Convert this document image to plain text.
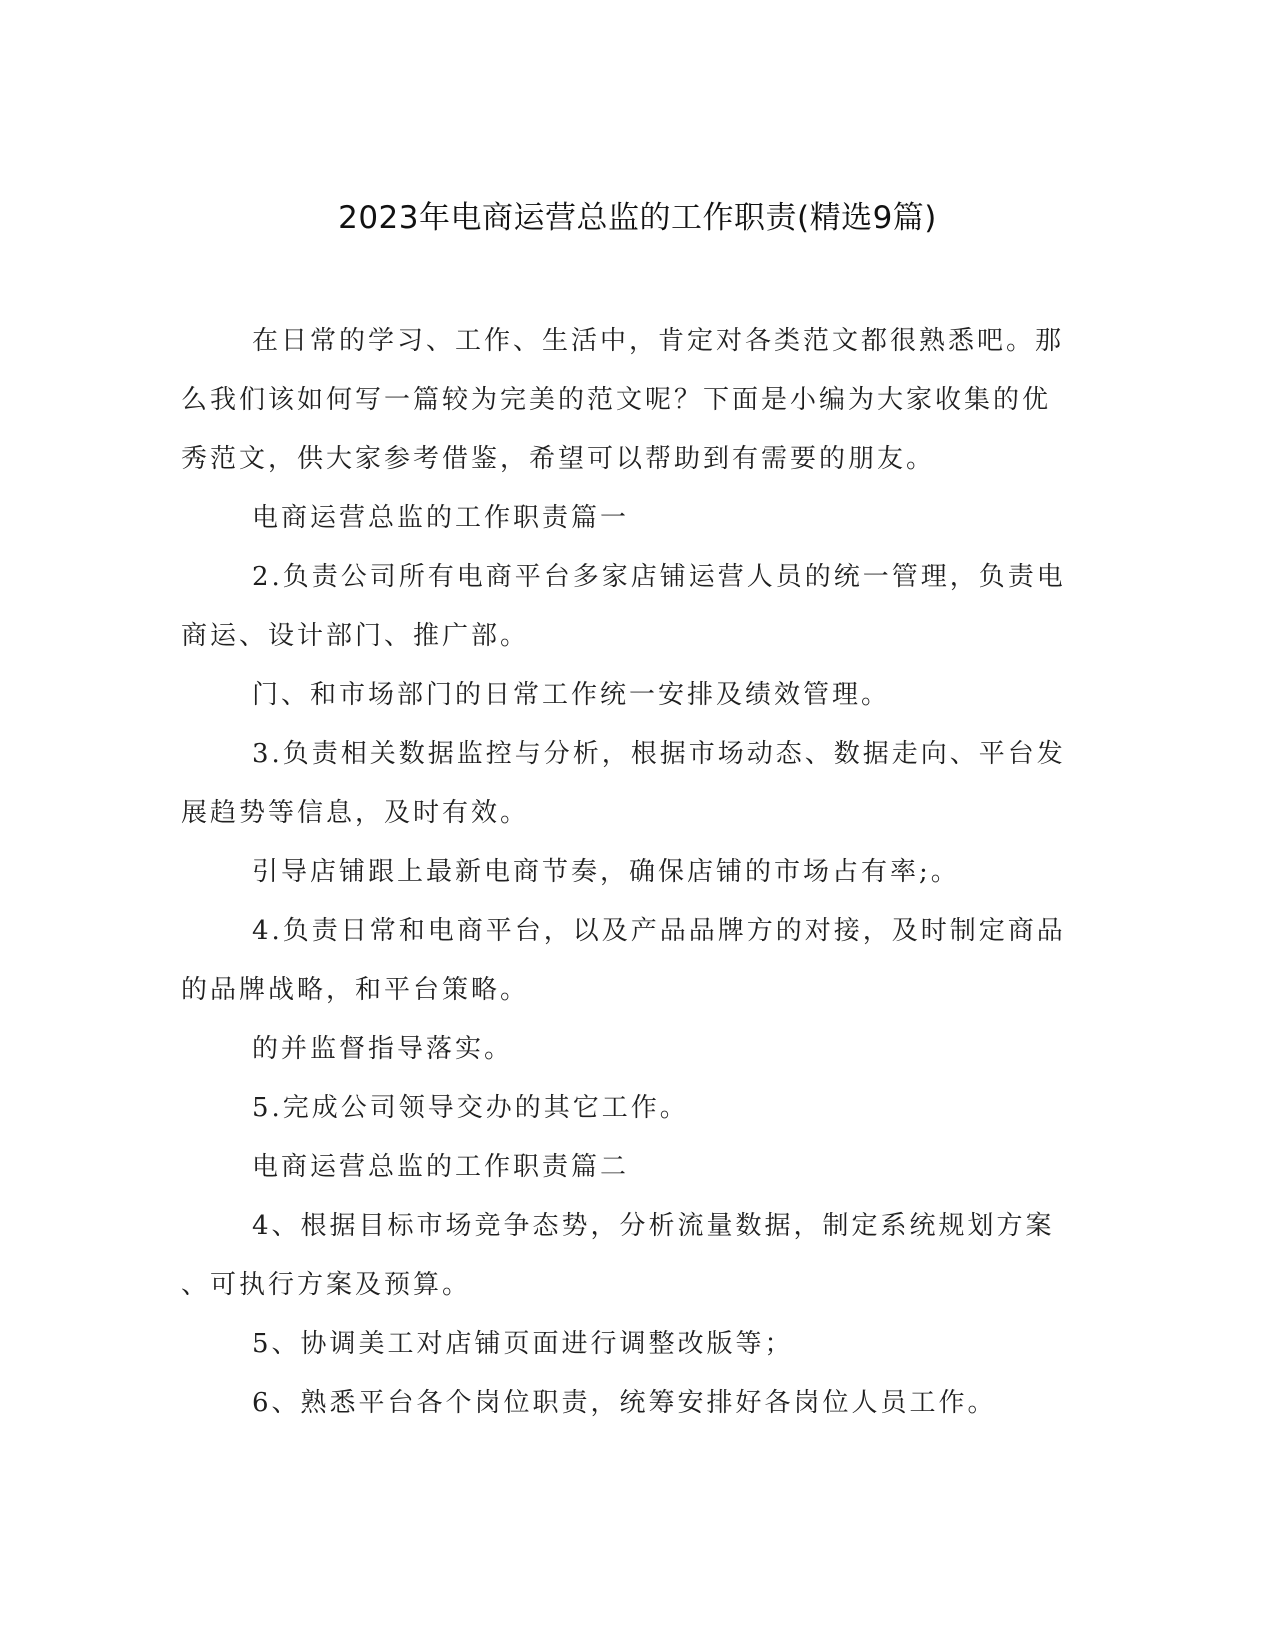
2023年电商运营总监的工作职责(精选9篇)
在日常的学习、工作、生活中，肯定对各类范文都很熟悉吧。那
么我们该如何写一篇较为完美的范文呢？下面是小编为大家收集的优
秀范文，供大家参考借鉴，希望可以帮助到有需要的朋友。
电商运营总监的工作职责篇一
2.负责公司所有电商平台多家店铺运营人员的统一管理，负责电
商运、设计部门、推广部。
门、和市场部门的日常工作统一安排及绩效管理。
3.负责相关数据监控与分析，根据市场动态、数据走向、平台发
展趋势等信息，及时有效。
引导店铺跟上最新电商节奏，确保店铺的市场占有率;。
4.负责日常和电商平台，以及产品品牌方的对接，及时制定商品
的品牌战略，和平台策略。
的并监督指导落实。
5.完成公司领导交办的其它工作。
电商运营总监的工作职责篇二
4、根据目标市场竞争态势，分析流量数据，制定系统规划方案
、可执行方案及预算。
5、协调美工对店铺页面进行调整改版等；
6、熟悉平台各个岗位职责，统筹安排好各岗位人员工作。
